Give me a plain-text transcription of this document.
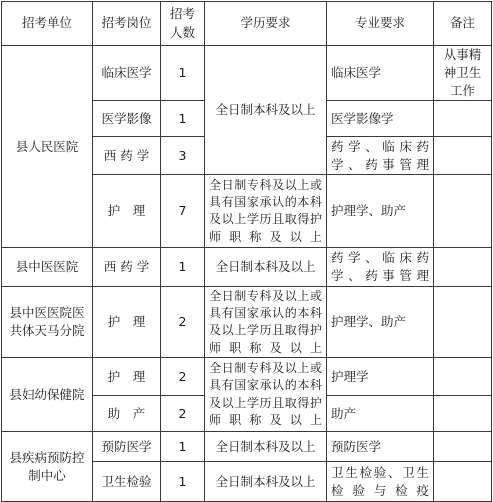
招考单位	招考岗位	招考人数	学历要求	专业要求	备注
县人民医院	临床医学	1	全日制本科及以上	临床医学	从事精神卫生工作
	医学影像	1		医学影像学	
	西 药 学	3		药学、临床药学、药事管理	
	护　理	7	全日制专科及以上或具有国家承认的本科及以上学历且取得护师职称及以上	护理学、助产	
县中医医院	西 药 学	1	全日制本科及以上	药学、临床药学、药事管理	
县中医医院医共体天马分院	护　理	2	全日制专科及以上或具有国家承认的本科及以上学历且取得护师职称及以上	护理学、助产	
县妇幼保健院	护　理	2	全日制专科及以上或具有国家承认的本科及以上学历且取得护师职称及以上	护理学	
	助　产	2		助产	
县疾病预防控制中心	预防医学	1	全日制本科及以上	预防医学	
	卫生检验	1	全日制本科及以上	卫生检验、卫生检验与检疫	
